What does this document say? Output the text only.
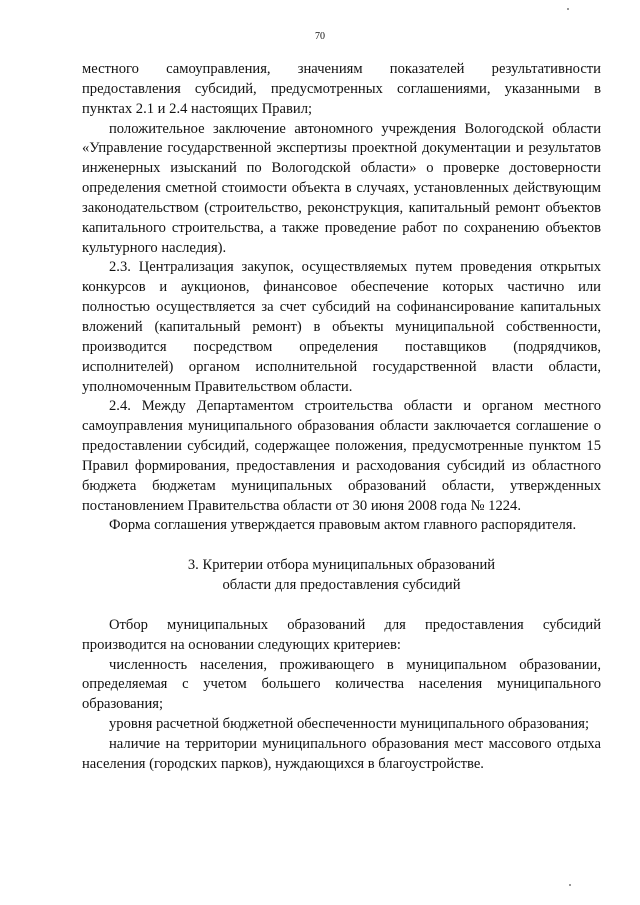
70

местного самоуправления, значениям показателей результативности предоставления субсидий, предусмотренных соглашениями, указанными в пунктах 2.1 и 2.4 настоящих Правил;

положительное заключение автономного учреждения Вологодской области «Управление государственной экспертизы проектной документации и результатов инженерных изысканий по Вологодской области» о проверке достоверности определения сметной стоимости объекта в случаях, установленных действующим законодательством (строительство, реконструкция, капитальный ремонт объектов капитального строительства, а также проведение работ по сохранению объектов культурного наследия).

2.3. Централизация закупок, осуществляемых путем проведения открытых конкурсов и аукционов, финансовое обеспечение которых частично или полностью осуществляется за счет субсидий на софинансирование капитальных вложений (капитальный ремонт) в объекты муниципальной собственности, производится посредством определения поставщиков (подрядчиков, исполнителей) органом исполнительной государственной власти области, уполномоченным Правительством области.

2.4. Между Департаментом строительства области и органом местного самоуправления муниципального образования области заключается соглашение о предоставлении субсидий, содержащее положения, предусмотренные пунктом 15 Правил формирования, предоставления и расходования субсидий из областного бюджета бюджетам муниципальных образований области, утвержденных постановлением Правительства области от 30 июня 2008 года № 1224.

Форма соглашения утверждается правовым актом главного распорядителя.

3. Критерии отбора муниципальных образований

области для предоставления субсидий

Отбор муниципальных образований для предоставления субсидий производится на основании следующих критериев:

численность населения, проживающего в муниципальном образовании, определяемая с учетом большего количества населения муниципального образования;

уровня расчетной бюджетной обеспеченности муниципального образования;

наличие на территории муниципального образования мест массового отдыха населения (городских парков), нуждающихся в благоустройстве.
